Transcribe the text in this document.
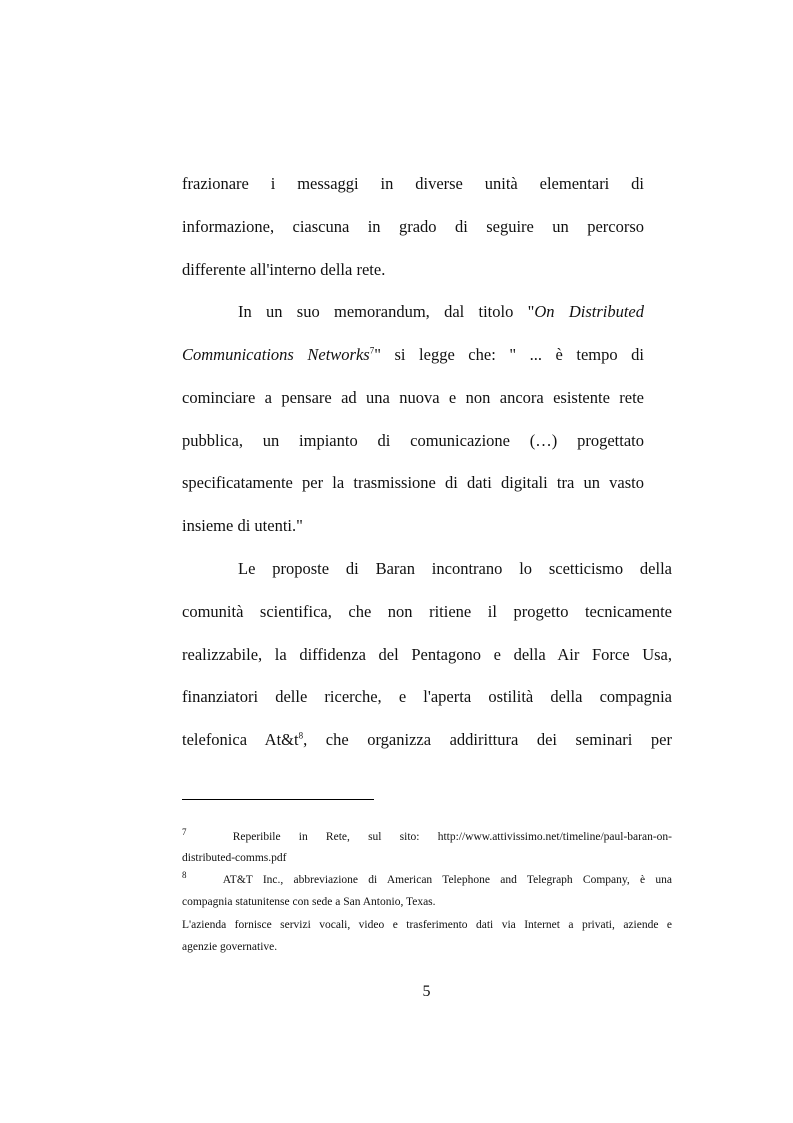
frazionare i messaggi in diverse unità elementari di
informazione, ciascuna in grado di seguire un percorso
differente all'interno della rete.
In un suo memorandum, dal titolo "On Distributed
Communications Networks$^7$" si legge che: " ... è tempo di
cominciare a pensare ad una nuova e non ancora esistente rete
pubblica, un impianto di comunicazione (…) progettato
specificatamente per la trasmissione di dati digitali tra un vasto
insieme di utenti."
Le proposte di Baran incontrano lo scetticismo della
comunità scientifica, che non ritiene il progetto tecnicamente
realizzabile, la diffidenza del Pentagono e della Air Force Usa,
finanziatori delle ricerche, e l'aperta ostilità della compagnia
telefonica $At\&t^8$, che organizza addirittura dei seminari per
$^7$	Reperibile in Rete, sul sito: http://www.attivissimo.net/timeline/paul-baran-on-
distributed-comms.pdf
$^8$	AT&T Inc., abbreviazione di American Telephone and Telegraph Company, è una
compagnia statunitense con sede a San Antonio, Texas.
L'azienda fornisce servizi vocali, video e trasferimento dati via Internet a privati, aziende e
agenzie governative.
5
